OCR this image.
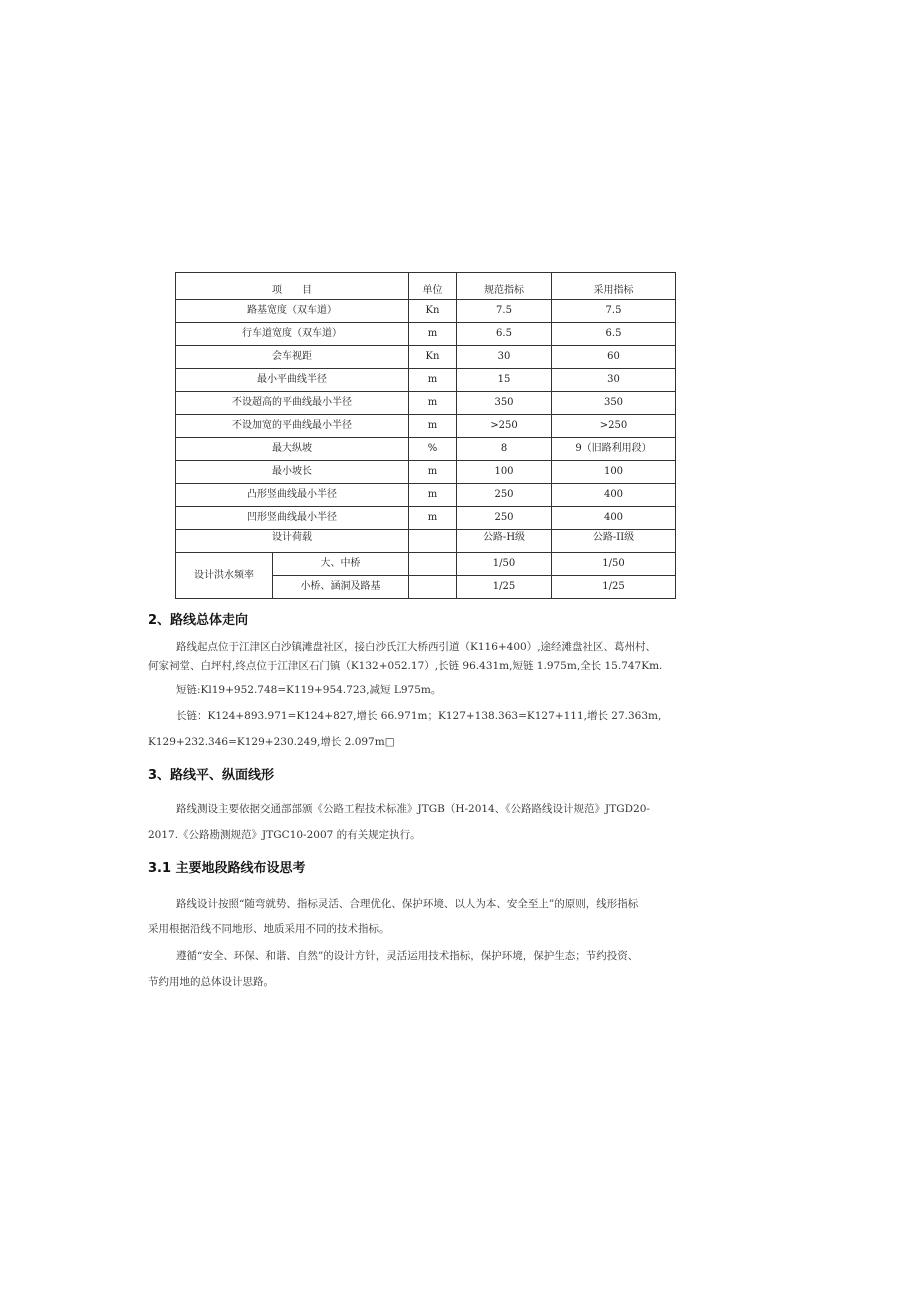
项　　目		单位	规范指标	采用指标
路基宽度（双车道）		Kn	7.5	7.5
行车道宽度（双车道）		m	6.5	6.5
会车视距		Kn	30	60
最小平曲线半径		m	15	30
不设超高的平曲线最小半径		m	350	350
不设加宽的平曲线最小半径		m	>250	>250
最大纵坡		%	8	9（旧路利用段）
最小坡长		m	100	100
凸形竖曲线最小半径		m	250	400
凹形竖曲线最小半径		m	250	400
设计荷载			公路-H级	公路-II级
设计洪水频率	大、中桥		1/50	1/50
	小桥、涵洞及路基		1/25	1/25
2、路线总体走向
路线起点位于江津区白沙镇滩盘社区，接白沙氏江大桥西引道（K116+400）,途经滩盘社区、葛州村、
何家祠堂、白坪村,终点位于江津区石门镇（K132+052.17）,长链 96.431m,短链 1.975m,全长 15.747Km.
短链:Kl19+952.748=K119+954.723,减短 L975m。
长链：K124+893.971=K124+827,增长 66.971m；K127+138.363=K127+111,增长 27.363m,
K129+232.346=K129+230.249,增长 2.097m□
3、路线平、纵面线形
路线测设主要依据交通部部颁《公路工程技术标准》JTGB（H-2014、《公路路线设计规范》JTGD20-
2017.《公路勘测规范》JTGC10-2007 的有关规定执行。
3.1 主要地段路线布设思考
路线设计按照“随弯就势、指标灵活、合理优化、保护环境、以人为本、安全至上”的原则，线形指标
采用根据沿线不同地形、地质采用不同的技术指标。
遵循“安全、环保、和谐、自然”的设计方针，灵活运用技术指标，保护环境，保护生态；节约投资、
节约用地的总体设计思路。
